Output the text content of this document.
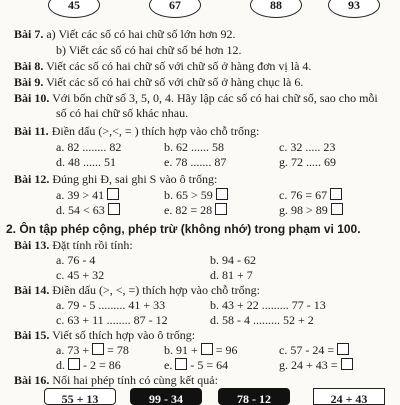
45	67	88	93
Bài 7. a) Viết các số có hai chữ số lớn hơn 92.
b) Viết các số có hai chữ số bé hơn 12.
Bài 8. Viết các số có hai chữ số với chữ số ở hàng đơn vị là 4.
Bài 9. Viết các số có hai chữ số với chữ số ở hàng chục là 6.
Bài 10. Với bốn chữ số 3, 5, 0, 4. Hãy lập các số có hai chữ số, sao cho mỗi
số có hai chữ số khác nhau.
Bài 11. Điền dấu (>,<, = ) thích hợp vào chỗ trống:
a. 82 ........ 82	b. 62 ...... 58	c. 32 ..... 23
d. 48 ...... 51	e. 78 ....... 87	g. 72 ..... 69
Bài 12. Đúng ghi Đ, sai ghi S vào ô trống:
a. 39 > 41	b. 65 > 59	c. 76 = 67
d. 54 < 63	e. 82 = 28	g. 98 > 89
2. Ôn tập phép cộng, phép trừ (không nhớ) trong phạm vi 100.
Bài 13. Đặt tính rồi tính:
a. 76 - 4	b. 94 - 62
c. 45 + 32	d. 81 + 7
Bài 14. Điền dấu (>, <, =) thích hợp vào chỗ trống:
a. 79 - 5 ......... 41 + 33	b. 43 + 22 ......... 77 - 13
c. 63 + 11 ........ 87 - 12	d. 58 - 4 ......... 52 + 2
Bài 15. Viết số thích hợp vào ô trống:
a. 73 + = 78	b. 91 + = 96	c. 57 - 24 =
d. - 2 = 86	e. - 5 = 64	g. 24 + 43 =
Bài 16. Nối hai phép tính có cùng kết quả:
55 + 13	99 - 34	78 - 12	24 + 43
